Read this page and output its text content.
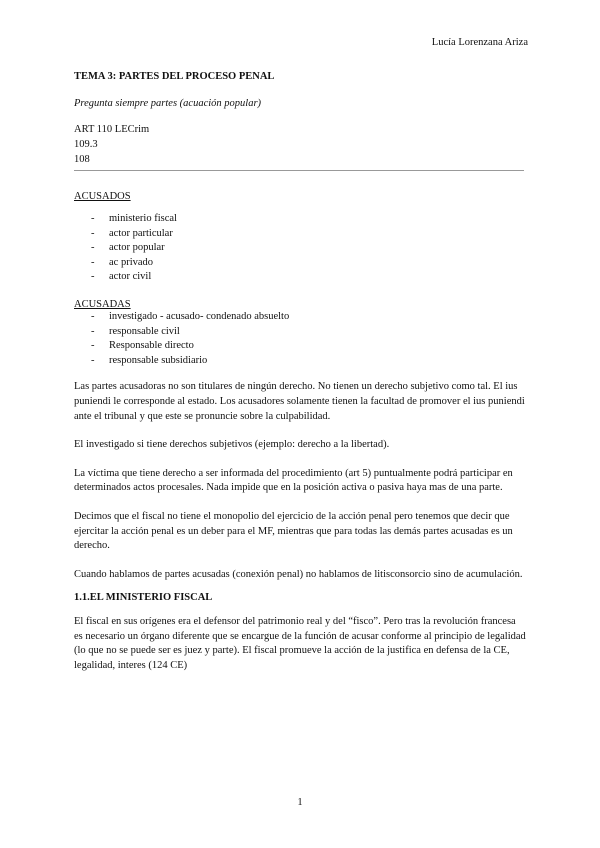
Lucía Lorenzana Ariza

TEMA 3: PARTES DEL PROCESO PENAL

Pregunta siempre partes (acuación popular)

ART 110 LECrim
109.3
108

ACUSADOS

- ministerio fiscal
- actor particular
- actor popular
- ac privado
- actor civil

ACUSADAS

- investigado - acusado- condenado absuelto
- responsable civil
- Responsable directo
- responsable subsidiario

Las partes acusadoras no son titulares de ningún derecho. No tienen un derecho subjetivo como tal. El ius puniendi le corresponde al estado. Los acusadores solamente tienen la facultad de promover el ius puniendi ante el tribunal y que este se pronuncie sobre la culpabilidad.

El investigado si tiene derechos subjetivos (ejemplo: derecho a la libertad).

La víctima que tiene derecho a ser informada del procedimiento (art 5) puntualmente podrá participar en determinados actos procesales. Nada impide que en la posición activa o pasiva haya mas de una parte.

Decimos que el fiscal no tiene el monopolio del ejercicio de la acción penal pero tenemos que decir que ejercitar la acción penal es un deber para el MF, mientras que para todas las demás partes acusadas es un derecho.

Cuando hablamos de partes acusadas (conexión penal) no hablamos de litisconsorcio sino de acumulación.

1.1.EL MINISTERIO FISCAL

El fiscal en sus orígenes era el defensor del patrimonio real y del “fisco”. Pero tras la revolución francesa es necesario un órgano diferente que se encargue de la función de acusar conforme al principio de legalidad (lo que no se puede ser es juez y parte). El fiscal promueve la acción de la justifica en defensa de la CE, legalidad, interes (124 CE)

1
